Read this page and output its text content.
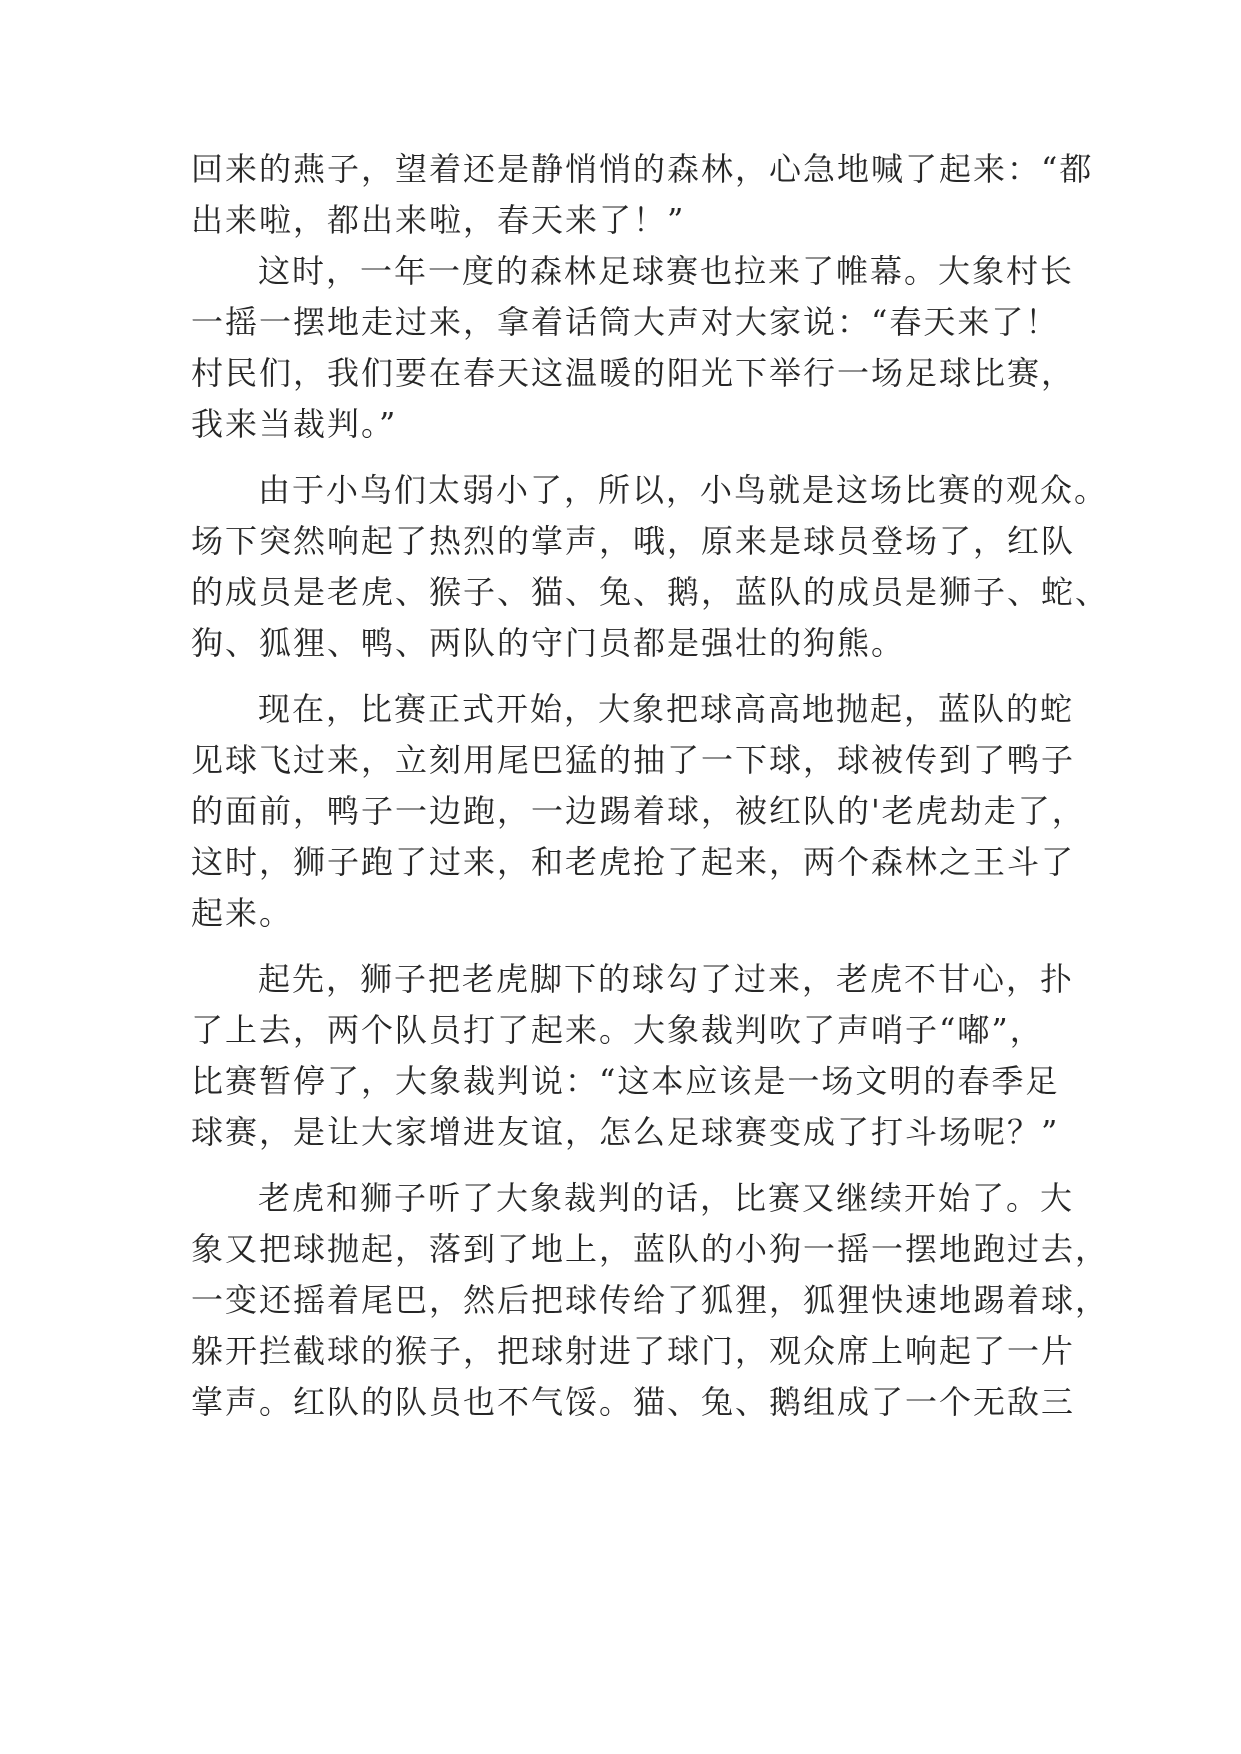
回来的燕子，望着还是静悄悄的森林，心急地喊了起来：“都
出来啦，都出来啦，春天来了！”
这时，一年一度的森林足球赛也拉来了帷幕。大象村长
一摇一摆地走过来，拿着话筒大声对大家说：“春天来了！
村民们，我们要在春天这温暖的阳光下举行一场足球比赛，
我来当裁判。”
由于小鸟们太弱小了，所以，小鸟就是这场比赛的观众。
场下突然响起了热烈的掌声，哦，原来是球员登场了，红队
的成员是老虎、猴子、猫、兔、鹅，蓝队的成员是狮子、蛇、
狗、狐狸、鸭、两队的守门员都是强壮的狗熊。
现在，比赛正式开始，大象把球高高地抛起，蓝队的蛇
见球飞过来，立刻用尾巴猛的抽了一下球，球被传到了鸭子
的面前，鸭子一边跑，一边踢着球，被红队的'老虎劫走了，
这时，狮子跑了过来，和老虎抢了起来，两个森林之王斗了
起来。
起先，狮子把老虎脚下的球勾了过来，老虎不甘心，扑
了上去，两个队员打了起来。大象裁判吹了声哨子“嘟”，
比赛暂停了，大象裁判说：“这本应该是一场文明的春季足
球赛，是让大家增进友谊，怎么足球赛变成了打斗场呢？”
老虎和狮子听了大象裁判的话，比赛又继续开始了。大
象又把球抛起，落到了地上，蓝队的小狗一摇一摆地跑过去，
一变还摇着尾巴，然后把球传给了狐狸，狐狸快速地踢着球，
躲开拦截球的猴子，把球射进了球门，观众席上响起了一片
掌声。红队的队员也不气馁。猫、兔、鹅组成了一个无敌三
